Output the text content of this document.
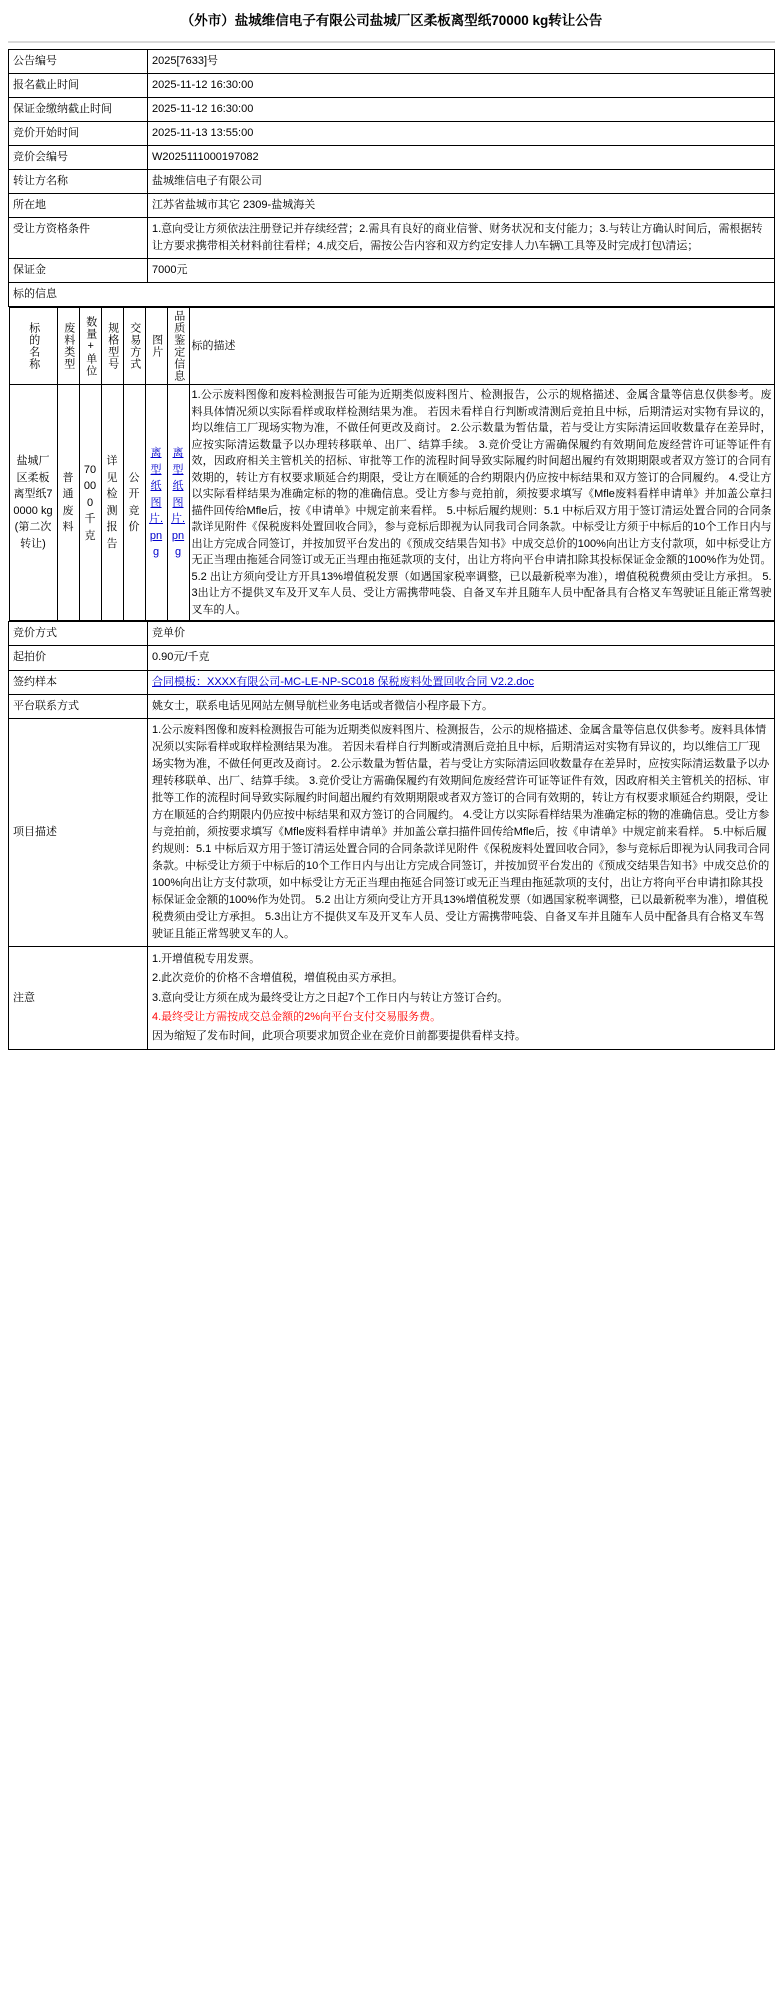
（外市）盐城维信电子有限公司盐城厂区柔板离型纸70000 kg转让公告
公告编号	2025[7633]号
报名截止时间	2025-11-12 16:30:00
保证金缴纳截止时间	2025-11-12 16:30:00
竞价开始时间	2025-11-13 13:55:00
竞价会编号	W2025111000197082
转让方名称	盐城维信电子有限公司
所在地	江苏省盐城市其它 2309-盐城海关
受让方资格条件	1.意向受让方须依法注册登记并存续经营；2.需具有良好的商业信誉、财务状况和支付能力；3.与转让方确认时间后，需根据转让方要求携带相关材料前往看样；4.成交后，需按公告内容和双方约定安排人力\车辆\工具等及时完成打包\清运；
保证金	7000元
标的信息

标的名称	废料类型	数量+单位	规格型号	交易方式	图片	品质鉴定信息	标的描述
盐城厂区柔板离型纸70000 kg(第二次转让)	普通废料	70000千克	详见检测报告	公开竞价	离型纸图片.png	离型纸图片.png	1.公示废料图像和废料检测报告可能为近期类似废料图片、检测报告，公示的规格描述、金属含量等信息仅供参考。废料具体情况须以实际看样或取样检测结果为准。 若因未看样自行判断或清测后竞拍且中标，后期清运对实物有异议的，均以维信工厂现场实物为准，不做任何更改及商讨。 2.公示数量为暂估量，若与受让方实际清运回收数量存在差异时，应按实际清运数量予以办理转移联单、出厂、结算手续。 3.竞价受让方需确保履约有效期间危废经营许可证等证件有效，因政府相关主管机关的招标、审批等工作的流程时间导致实际履约时间超出履约有效期期限或者双方签订的合同有效期的，转让方有权要求顺延合约期限，受让方在顺延的合约期限内仍应按中标结果和双方签订的合同履约。 4.受让方以实际看样结果为准确定标的物的准确信息。受让方参与竞拍前，须按要求填写《Mfle废料看样申请单》并加盖公章扫描件回传给Mfle后，按《申请单》中规定前来看样。 5.中标后履约规则：5.1 中标后双方用于签订清运处置合同的合同条款详见附件《保税废料处置回收合同》，参与竞标后即视为认同我司合同条款。中标受让方须于中标后的10个工作日内与出让方完成合同签订，并按加贸平台发出的《预成交结果告知书》中成交总价的100%向出让方支付款项，如中标受让方无正当理由拖延合同签订或无正当理由拖延款项的支付，出让方将向平台申请扣除其投标保证金金额的100%作为处罚。 5.2 出让方须向受让方开具13%增值税发票（如遇国家税率调整，已以最新税率为准），增值税税费须由受让方承担。 5.3出让方不提供叉车及开叉车人员、受让方需携带吨袋、自备叉车并且随车人员中配备具有合格叉车驾驶证且能正常驾驶叉车的人。

竞价方式	竞单价
起拍价	0.90元/千克
签约样本	合同模板：XXXX有限公司-MC-LE-NP-SC018 保税废料处置回收合同 V2.2.doc
平台联系方式	姚女士，联系电话见网站左侧导航栏业务电话或者微信小程序最下方。
项目描述	1.公示废料图像和废料检测报告可能为近期类似废料图片、检测报告，公示的规格描述、金属含量等信息仅供参考。废料具体情况须以实际看样或取样检测结果为准。 若因未看样自行判断或清测后竞拍且中标，后期清运对实物有异议的，均以维信工厂现场实物为准，不做任何更改及商讨。 2.公示数量为暂估量，若与受让方实际清运回收数量存在差异时，应按实际清运数量予以办理转移联单、出厂、结算手续。 3.竞价受让方需确保履约有效期间危废经营许可证等证件有效，因政府相关主管机关的招标、审批等工作的流程时间导致实际履约时间超出履约有效期期限或者双方签订的合同有效期的，转让方有权要求顺延合约期限，受让方在顺延的合约期限内仍应按中标结果和双方签订的合同履约。 4.受让方以实际看样结果为准确定标的物的准确信息。受让方参与竞拍前，须按要求填写《Mfle废料看样申请单》并加盖公章扫描件回传给Mfle后，按《申请单》中规定前来看样。 5.中标后履约规则：5.1 中标后双方用于签订清运处置合同的合同条款详见附件《保税废料处置回收合同》，参与竞标后即视为认同我司合同条款。中标受让方须于中标后的10个工作日内与出让方完成合同签订，并按加贸平台发出的《预成交结果告知书》中成交总价的100%向出让方支付款项，如中标受让方无正当理由拖延合同签订或无正当理由拖延款项的支付，出让方将向平台申请扣除其投标保证金金额的100%作为处罚。 5.2 出让方须向受让方开具13%增值税发票（如遇国家税率调整，已以最新税率为准），增值税税费须由受让方承担。 5.3出让方不提供叉车及开叉车人员、受让方需携带吨袋、自备叉车并且随车人员中配备具有合格叉车驾驶证且能正常驾驶叉车的人。
注意	
1.开增值税专用发票。
2.此次竞价的价格不含增值税，增值税由买方承担。
3.意向受让方须在成为最终受让方之日起7个工作日内与转让方签订合约。
4.最终受让方需按成交总金额的2%向平台支付交易服务费。
因为缩短了发布时间，此项合项要求加贸企业在竞价日前都要提供看样支持。
